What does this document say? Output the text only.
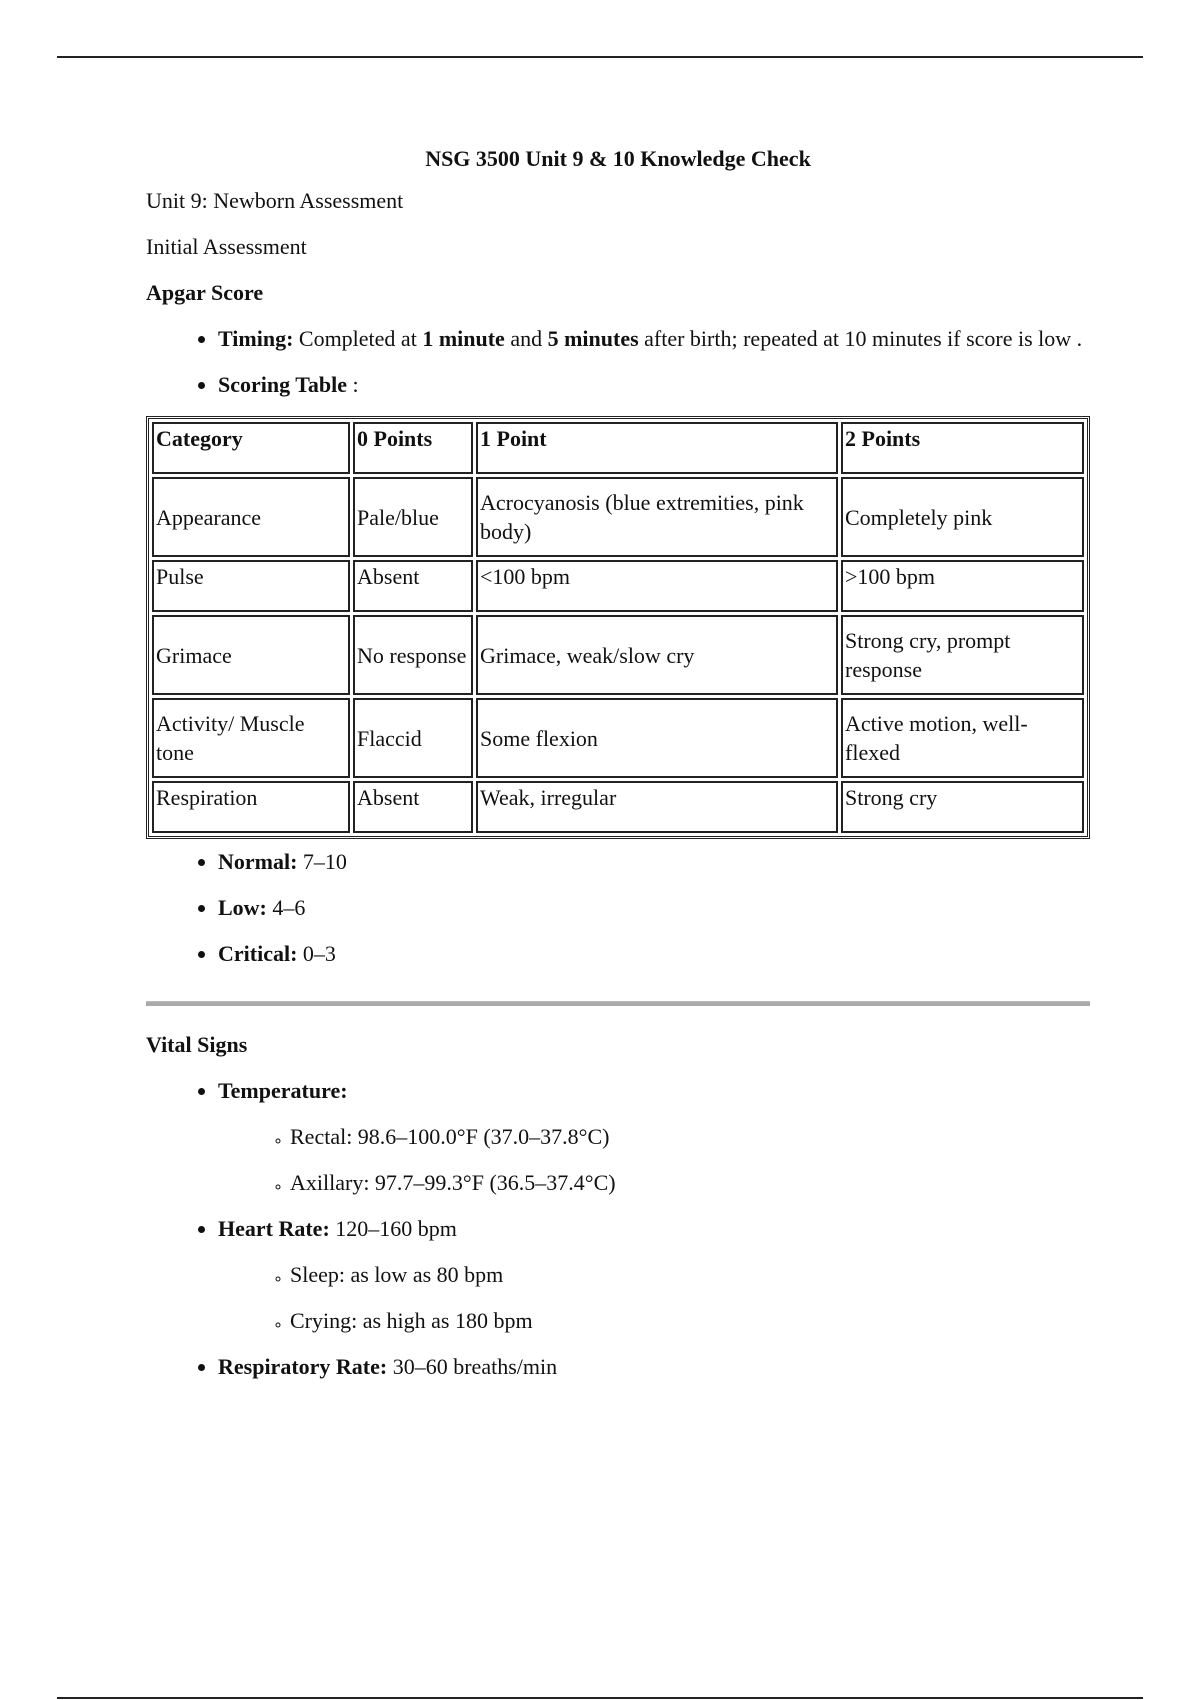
NSG 3500 Unit 9 & 10 Knowledge Check

Unit 9: Newborn Assessment

Initial Assessment

Apgar Score

• Timing: Completed at 1 minute and 5 minutes after birth; repeated at 10 minutes if score is low .
• Scoring Table :
Category	0 Points	1 Point	2 Points
Appearance	Pale/blue	Acrocyanosis (blue extremities, pink body)	Completely pink
Pulse	Absent	<100 bpm	>100 bpm
Grimace	No response	Grimace, weak/slow cry	Strong cry, prompt response
Activity/ Muscle tone	Flaccid	Some flexion	Active motion, well-flexed
Respiration	Absent	Weak, irregular	Strong cry
• Normal: 7–10
• Low: 4–6
• Critical: 0–3

Vital Signs

• Temperature:
◦ Rectal: 98.6–100.0°F (37.0–37.8°C)
◦ Axillary: 97.7–99.3°F (36.5–37.4°C)
• Heart Rate: 120–160 bpm
◦ Sleep: as low as 80 bpm
◦ Crying: as high as 180 bpm
• Respiratory Rate: 30–60 breaths/min
